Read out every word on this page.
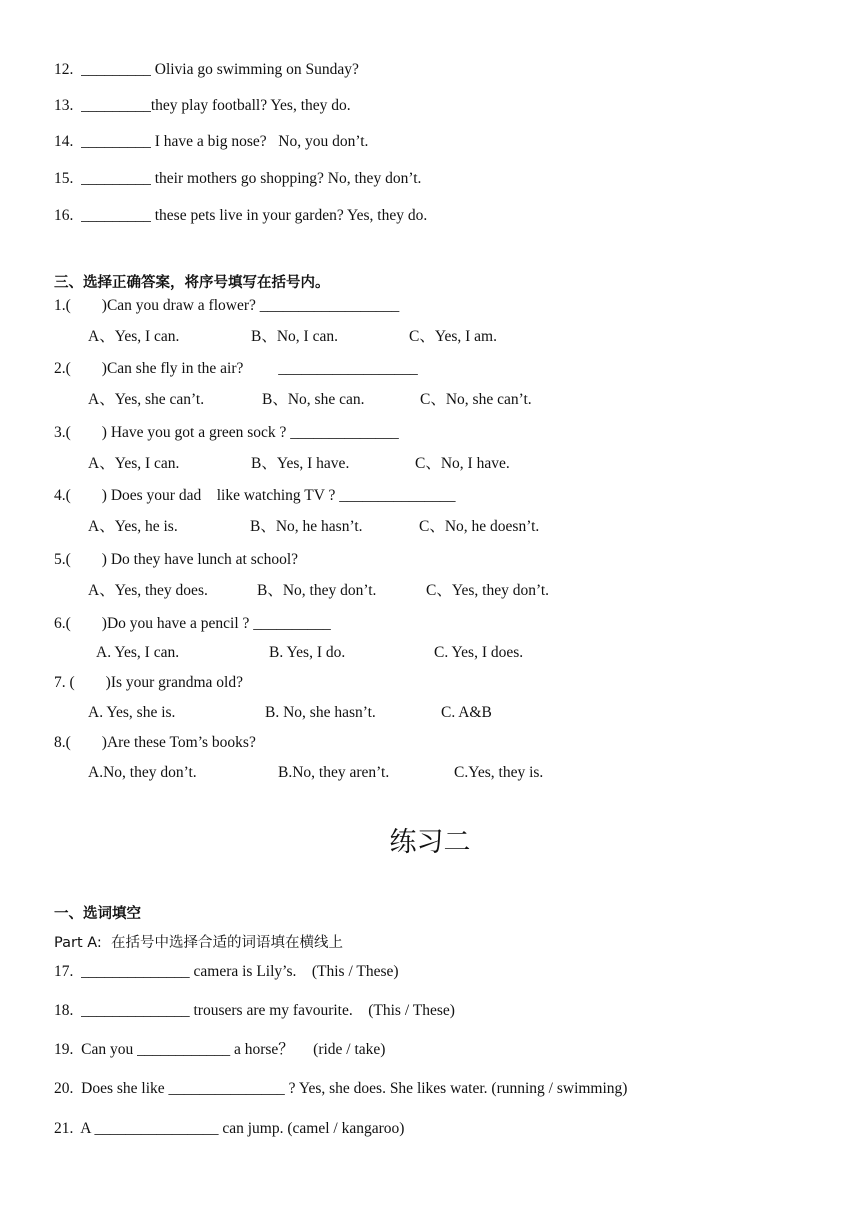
12.  _________ Olivia go swimming on Sunday?
13.  _________they play football? Yes, they do.
14.  _________ I have a big nose?   No, you don’t.
15.  _________ their mothers go shopping? No, they don’t.
16.  _________ these pets live in your garden? Yes, they do.
三、选择正确答案，将序号填写在括号内。
1.(        )Can you draw a flower? __________________
A、Yes, I can.	B、No, I can.	C、Yes, I am.
2.(        )Can she fly in the air?         __________________
A、Yes, she can’t.	B、No, she can.	C、No, she can’t.
3.(        ) Have you got a green sock ? ______________
A、Yes, I can.	B、Yes, I have.	C、No, I have.
4.(        ) Does your dad    like watching TV ? _______________
A、Yes, he is.	B、No, he hasn’t.	C、No, he doesn’t.
5.(        ) Do they have lunch at school?
A、Yes, they does.	B、No, they don’t.	C、Yes, they don’t.
6.(        )Do you have a pencil ? __________
A. Yes, I can.	B. Yes, I do.	C. Yes, I does.
7. (        )Is your grandma old?
A. Yes, she is.	B. No, she hasn’t.	C. A&B
8.(        )Are these Tom’s books?
A.No, they don’t.	B.No, they aren’t.	C.Yes, they is.
练习二
一、选词填空
Part A:  在括号中选择合适的词语填在横线上
17.  ______________ camera is Lily’s.    (This / These)
18.  ______________ trousers are my favourite.    (This / These)
19.  Can you ____________ a horse？     (ride / take)
20.  Does she like _______________ ? Yes, she does. She likes water. (running / swimming)
21.  A ________________ can jump. (camel / kangaroo)
